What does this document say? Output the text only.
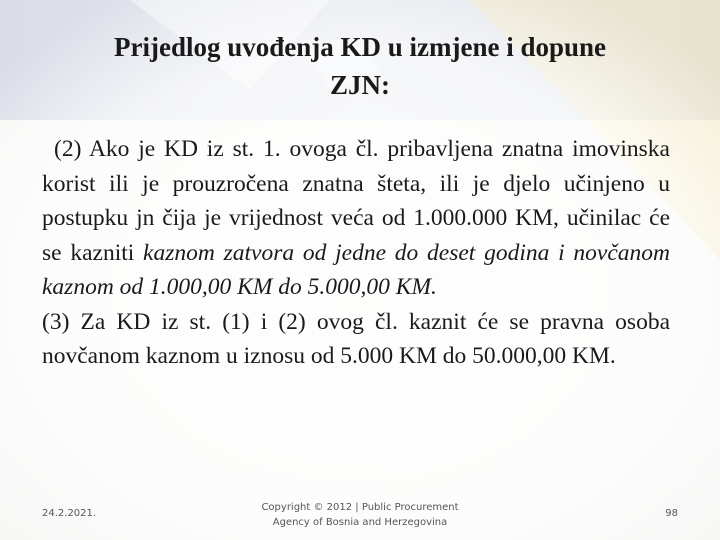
Prijedlog uvođenja KD u izmjene i dopune
ZJN:

(2) Ako je KD iz st. 1. ovoga čl. pribavljena znatna imovinska korist ili je prouzročena znatna šteta, ili je djelo učinjeno u postupku jn čija je vrijednost veća od 1.000.000 KM, učinilac će se kazniti kaznom zatvora od jedne do deset godina i novčanom kaznom od 1.000,00 KM do 5.000,00 KM.

(3) Za KD iz st. (1) i (2) ovog čl. kaznit će se pravna osoba novčanom kaznom u iznosu od 5.000 KM do 50.000,00 KM.

24.2.2021.
Copyright © 2012 | Public Procurement
Agency of Bosnia and Herzegovina
98
